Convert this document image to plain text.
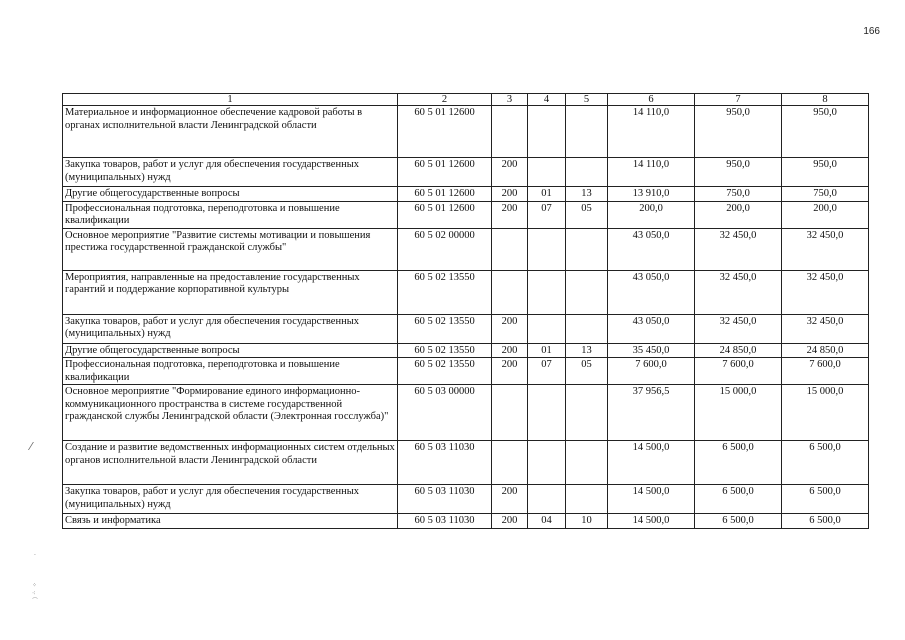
166
1	2	3	4	5	6	7	8
Материальное и информационное обеспечение кадровой работы в органах исполнительной власти Ленинградской области	60 5 01 12600				14 110,0	950,0	950,0
Закупка товаров, работ и услуг для обеспечения государственных (муниципальных) нужд	60 5 01 12600	200			14 110,0	950,0	950,0
Другие общегосударственные вопросы	60 5 01 12600	200	01	13	13 910,0	750,0	750,0
Профессиональная подготовка, переподготовка и повышение квалификации	60 5 01 12600	200	07	05	200,0	200,0	200,0
Основное мероприятие "Развитие системы мотивации и повышения престижа государственной гражданской службы"	60 5 02 00000				43 050,0	32 450,0	32 450,0
Мероприятия, направленные на предоставление государственных гарантий и поддержание корпоративной культуры	60 5 02 13550				43 050,0	32 450,0	32 450,0
Закупка товаров, работ и услуг для обеспечения государственных (муниципальных) нужд	60 5 02 13550	200			43 050,0	32 450,0	32 450,0
Другие общегосударственные вопросы	60 5 02 13550	200	01	13	35 450,0	24 850,0	24 850,0
Профессиональная подготовка, переподготовка и повышение квалификации	60 5 02 13550	200	07	05	7 600,0	7 600,0	7 600,0
Основное мероприятие "Формирование единого информационно-коммуникационного пространства в системе государственной гражданской службы Ленинградской области (Электронная госслужба)"	60 5 03 00000				37 956,5	15 000,0	15 000,0
Создание и развитие ведомственных информационных систем отдельных органов исполнительной власти Ленинградской области	60 5 03 11030				14 500,0	6 500,0	6 500,0
Закупка товаров, работ и услуг для обеспечения государственных (муниципальных) нужд	60 5 03 11030	200			14 500,0	6 500,0	6 500,0
Связь и информатика	60 5 03 11030	200	04	10	14 500,0	6 500,0	6 500,0
⁄
·
⁘
⁖
⌒
